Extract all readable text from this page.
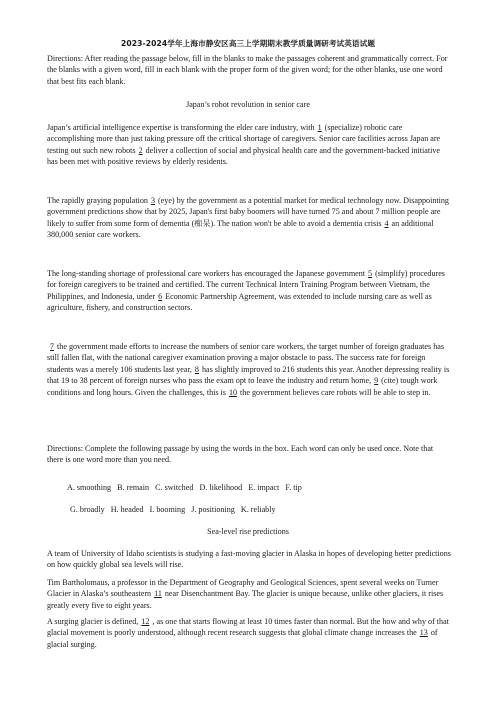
2023-2024学年上海市静安区高三上学期期末教学质量调研考试英语试题

Directions: After reading the passage below, fill in the blanks to make the passages coherent and grammatically correct. For the blanks with a given word, fill in each blank with the proper form of the given word; for the other blanks, use one word that best fits each blank.

Japan’s robot revolution in senior care

Japan’s artificial intelligence expertise is transforming the elder care industry, with 1 (specialize) robotic care accomplishing more than just taking pressure off the critical shortage of caregivers. Senior care facilities across Japan are testing out such new robots 2 deliver a collection of social and physical health care and the government-backed initiative has been met with positive reviews by elderly residents.

The rapidly graying population 3 (eye) by the government as a potential market for medical technology now. Disappointing government predictions show that by 2025, Japan's first baby boomers will have turned 75 and about 7 million people are likely to suffer from some form of dementia (痴呆). The nation won't be able to avoid a dementia crisis 4 an additional 380,000 senior care workers.

The long-standing shortage of professional care workers has encouraged the Japanese government 5 (simplify) procedures for foreign caregivers to be trained and certified. The current Technical Intern Training Program between Vietnam, the Philippines, and Indonesia, under 6 Economic Partnership Agreement, was extended to include nursing care as well as agriculture, fishery, and construction sectors.

7 the government made efforts to increase the numbers of senior care workers, the target number of foreign graduates has still fallen flat, with the national caregiver examination proving a major obstacle to pass. The success rate for foreign students was a merely 106 students last year, 8 has slightly improved to 216 students this year. Another depressing reality is that 19 to 38 percent of foreign nurses who pass the exam opt to leave the industry and return home, 9 (cite) tough work conditions and long hours. Given the challenges, this is 10 the government believes care robots will be able to step in.

Directions: Complete the following passage by using the words in the box. Each word can only be used once. Note that there is one word more than you need.

A. smoothing B. remain C. switched D. likelihood E. impact F. tip
G. broadly H. headed I. booming J. positioning K. reliably

Sea-level rise predictions

A team of University of Idaho scientists is studying a fast-moving glacier in Alaska in hopes of developing better predictions on how quickly global sea levels will rise.

Tim Bartholomaus, a professor in the Department of Geography and Geological Sciences, spent several weeks on Turner Glacier in Alaska’s southeastern 11 near Disenchantment Bay. The glacier is unique because, unlike other glaciers, it rises greatly every five to eight years.

A surging glacier is defined, 12 , as one that starts flowing at least 10 times faster than normal. But the how and why of that glacial movement is poorly understood, although recent research suggests that global climate change increases the 13 of glacial surging.
